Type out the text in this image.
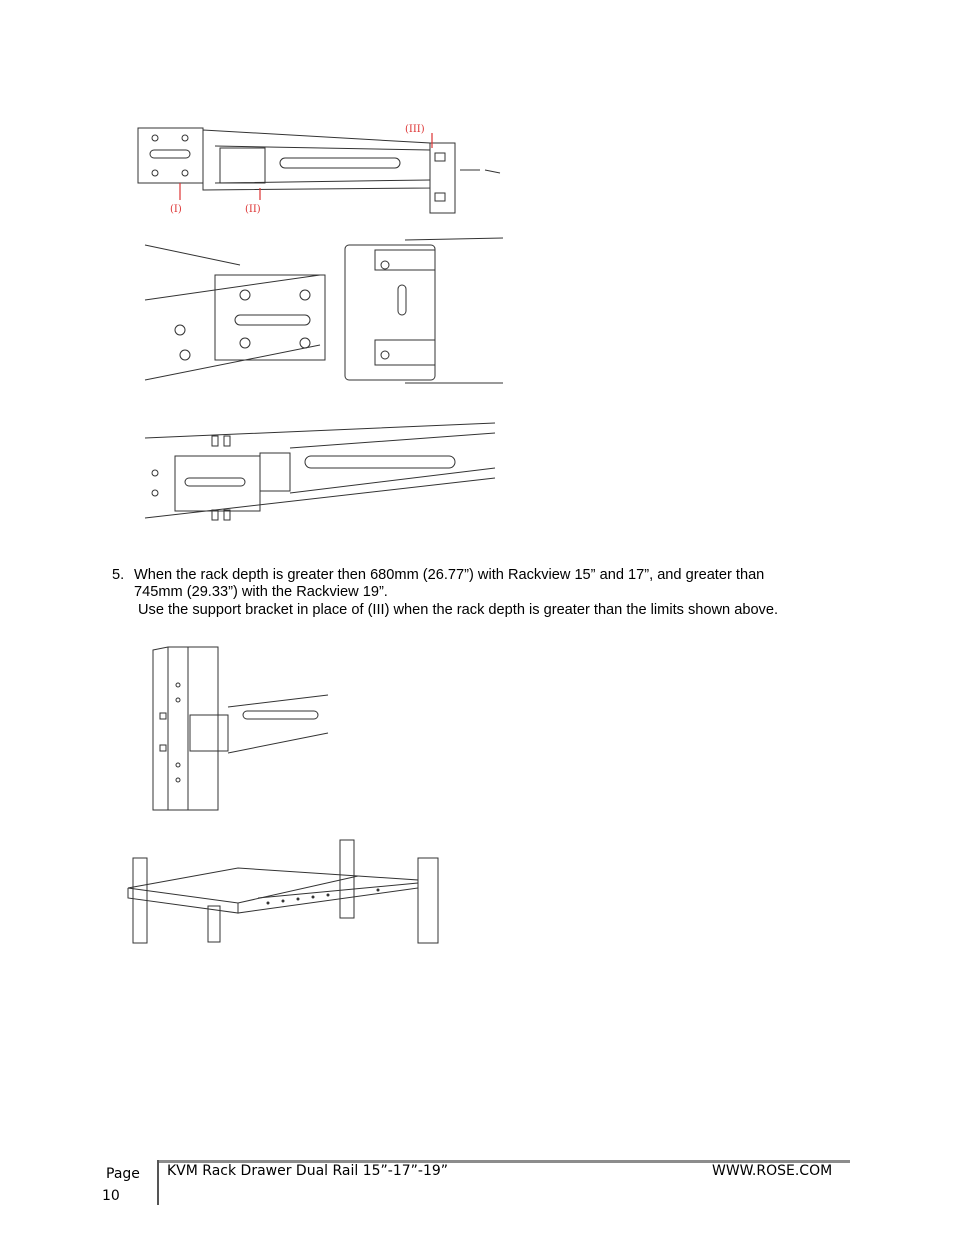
(I)	(II)
(III)
5. When the rack depth is greater then 680mm (26.77”) with Rackview 15” and 17”, and greater than
745mm (29.33”) with the Rackview 19”.
Use the support bracket in place of (III) when the rack depth is greater than the limits shown above.
Page
10
KVM Rack Drawer Dual Rail 15”-17”-19”	WWW.ROSE.COM
